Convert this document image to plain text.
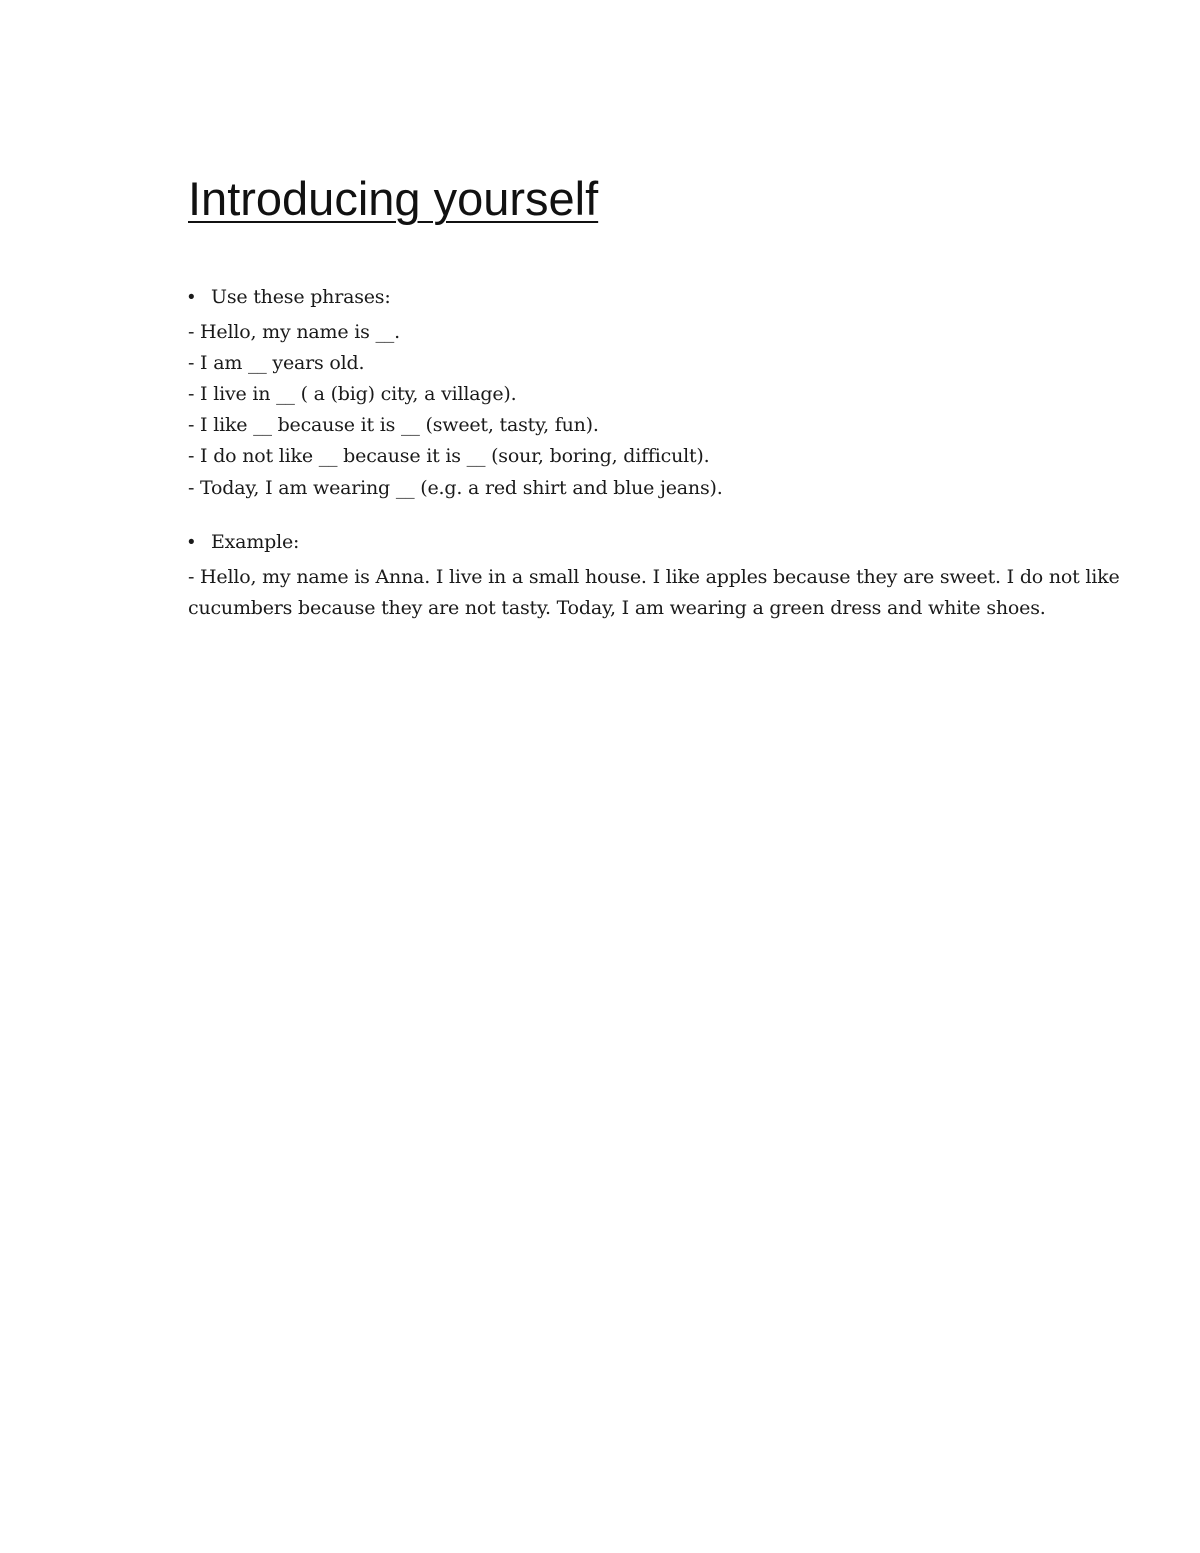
Introducing yourself
• Use these phrases:
- Hello, my name is __.
- I am __ years old.
- I live in __ ( a (big) city, a village).
- I like __ because it is __ (sweet, tasty, fun).
- I do not like __ because it is __ (sour, boring, difficult).
- Today, I am wearing __ (e.g. a red shirt and blue jeans).
• Example:

- Hello, my name is Anna. I live in a small house. I like apples because they are sweet. I do not like cucumbers because they are not tasty. Today, I am wearing a green dress and white shoes.
